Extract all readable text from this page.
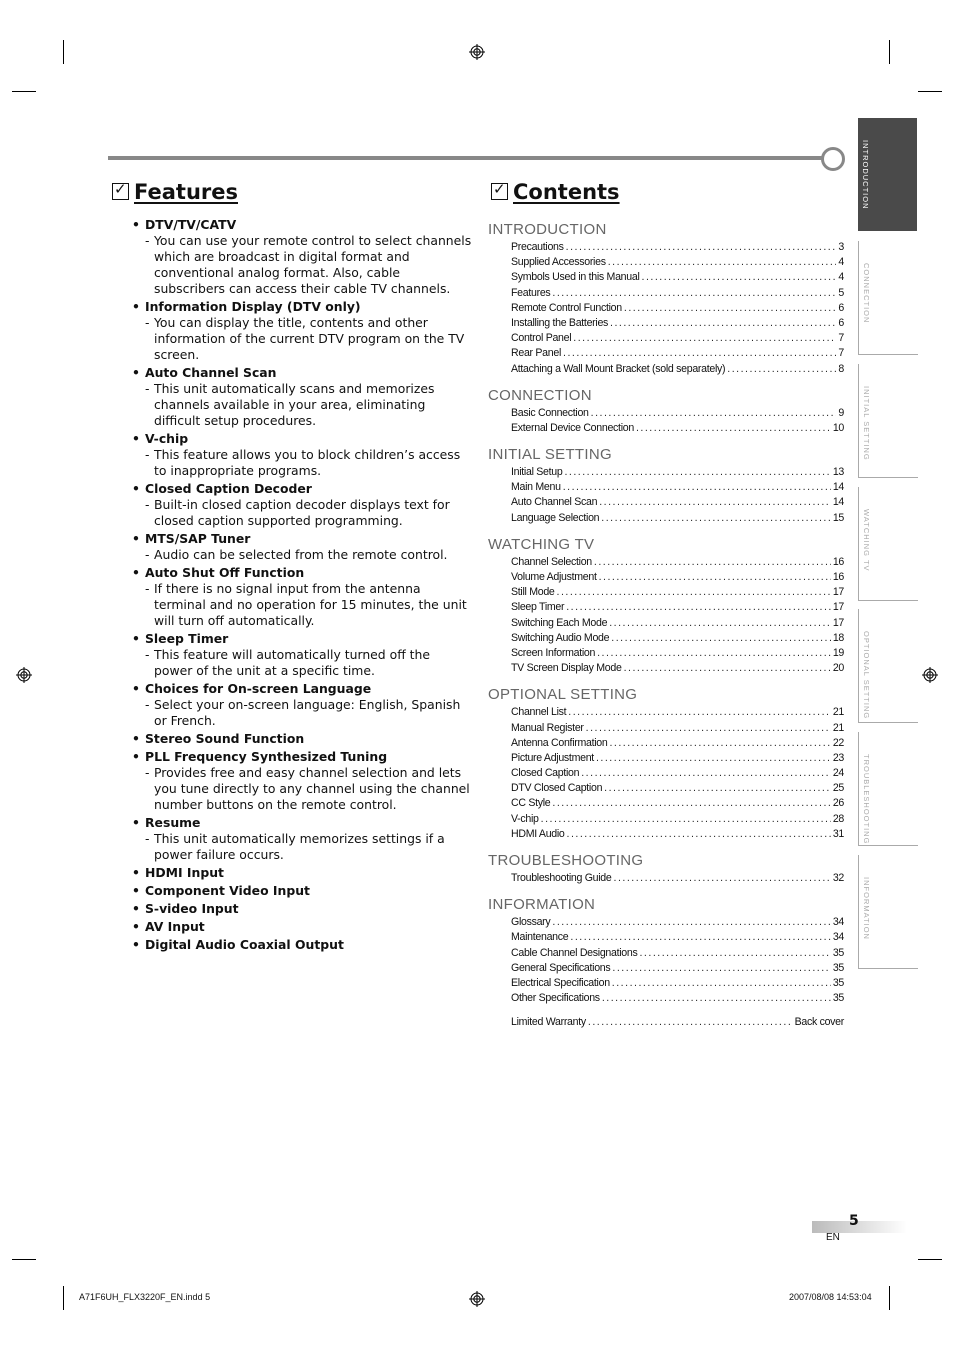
✓Features
• DTV/TV/CATV
- You can use your remote control to select channels which are broadcast in digital format and conventional analog format. Also, cable subscribers can access their cable TV channels.
• Information Display (DTV only)
- You can display the title, contents and other information of the current DTV program on the TV screen.
• Auto Channel Scan
- This unit automatically scans and memorizes channels available in your area, eliminating difficult setup procedures.
• V-chip
- This feature allows you to block children’s access to inappropriate programs.
• Closed Caption Decoder
- Built-in closed caption decoder displays text for closed caption supported programming.
• MTS/SAP Tuner
- Audio can be selected from the remote control.
• Auto Shut Off Function
- If there is no signal input from the antenna terminal and no operation for 15 minutes, the unit will turn off automatically.
• Sleep Timer
- This feature will automatically turned off the power of the unit at a specific time.
• Choices for On-screen Language
- Select your on-screen language: English, Spanish or French.
• Stereo Sound Function
• PLL Frequency Synthesized Tuning
- Provides free and easy channel selection and lets you tune directly to any channel using the channel number buttons on the remote control.
• Resume
- This unit automatically memorizes settings if a power failure occurs.
• HDMI Input
• Component Video Input
• S-video Input
• AV Input
• Digital Audio Coaxial Output
✓Contents
INTRODUCTION
Precautions .....	3
Supplied Accessories .....	4
Symbols Used in this Manual .....	4
Features .....	5
Remote Control Function .....	6
Installing the Batteries .....	6
Control Panel .....	7
Rear Panel .....	7
Attaching a Wall Mount Bracket (sold separately) .....	8
CONNECTION
Basic Connection .....	9
External Device Connection .....	10
INITIAL SETTING
Initial Setup .....	13
Main Menu .....	14
Auto Channel Scan .....	14
Language Selection .....	15
WATCHING TV
Channel Selection .....	16
Volume Adjustment .....	16
Still Mode .....	17
Sleep Timer .....	17
Switching Each Mode .....	17
Switching Audio Mode .....	18
Screen Information .....	19
TV Screen Display Mode .....	20
OPTIONAL SETTING
Channel List .....	21
Manual Register .....	21
Antenna Confirmation .....	22
Picture Adjustment .....	23
Closed Caption .....	24
DTV Closed Caption .....	25
CC Style .....	26
V-chip .....	28
HDMI Audio .....	31
TROUBLESHOOTING
Troubleshooting Guide .....	32
INFORMATION
Glossary .....	34
Maintenance .....	34
Cable Channel Designations .....	35
General Specifications .....	35
Electrical Specification .....	35
Other Specifications .....	35
Limited Warranty .....	Back cover
INTRODUCTION
CONNECTION
INITIAL SETTING
WATCHING TV
OPTIONAL SETTING
TROUBLESHOOTING
INFORMATION
5
EN
A71F6UH_FLX3220F_EN.indd 5	2007/08/08 14:53:04
